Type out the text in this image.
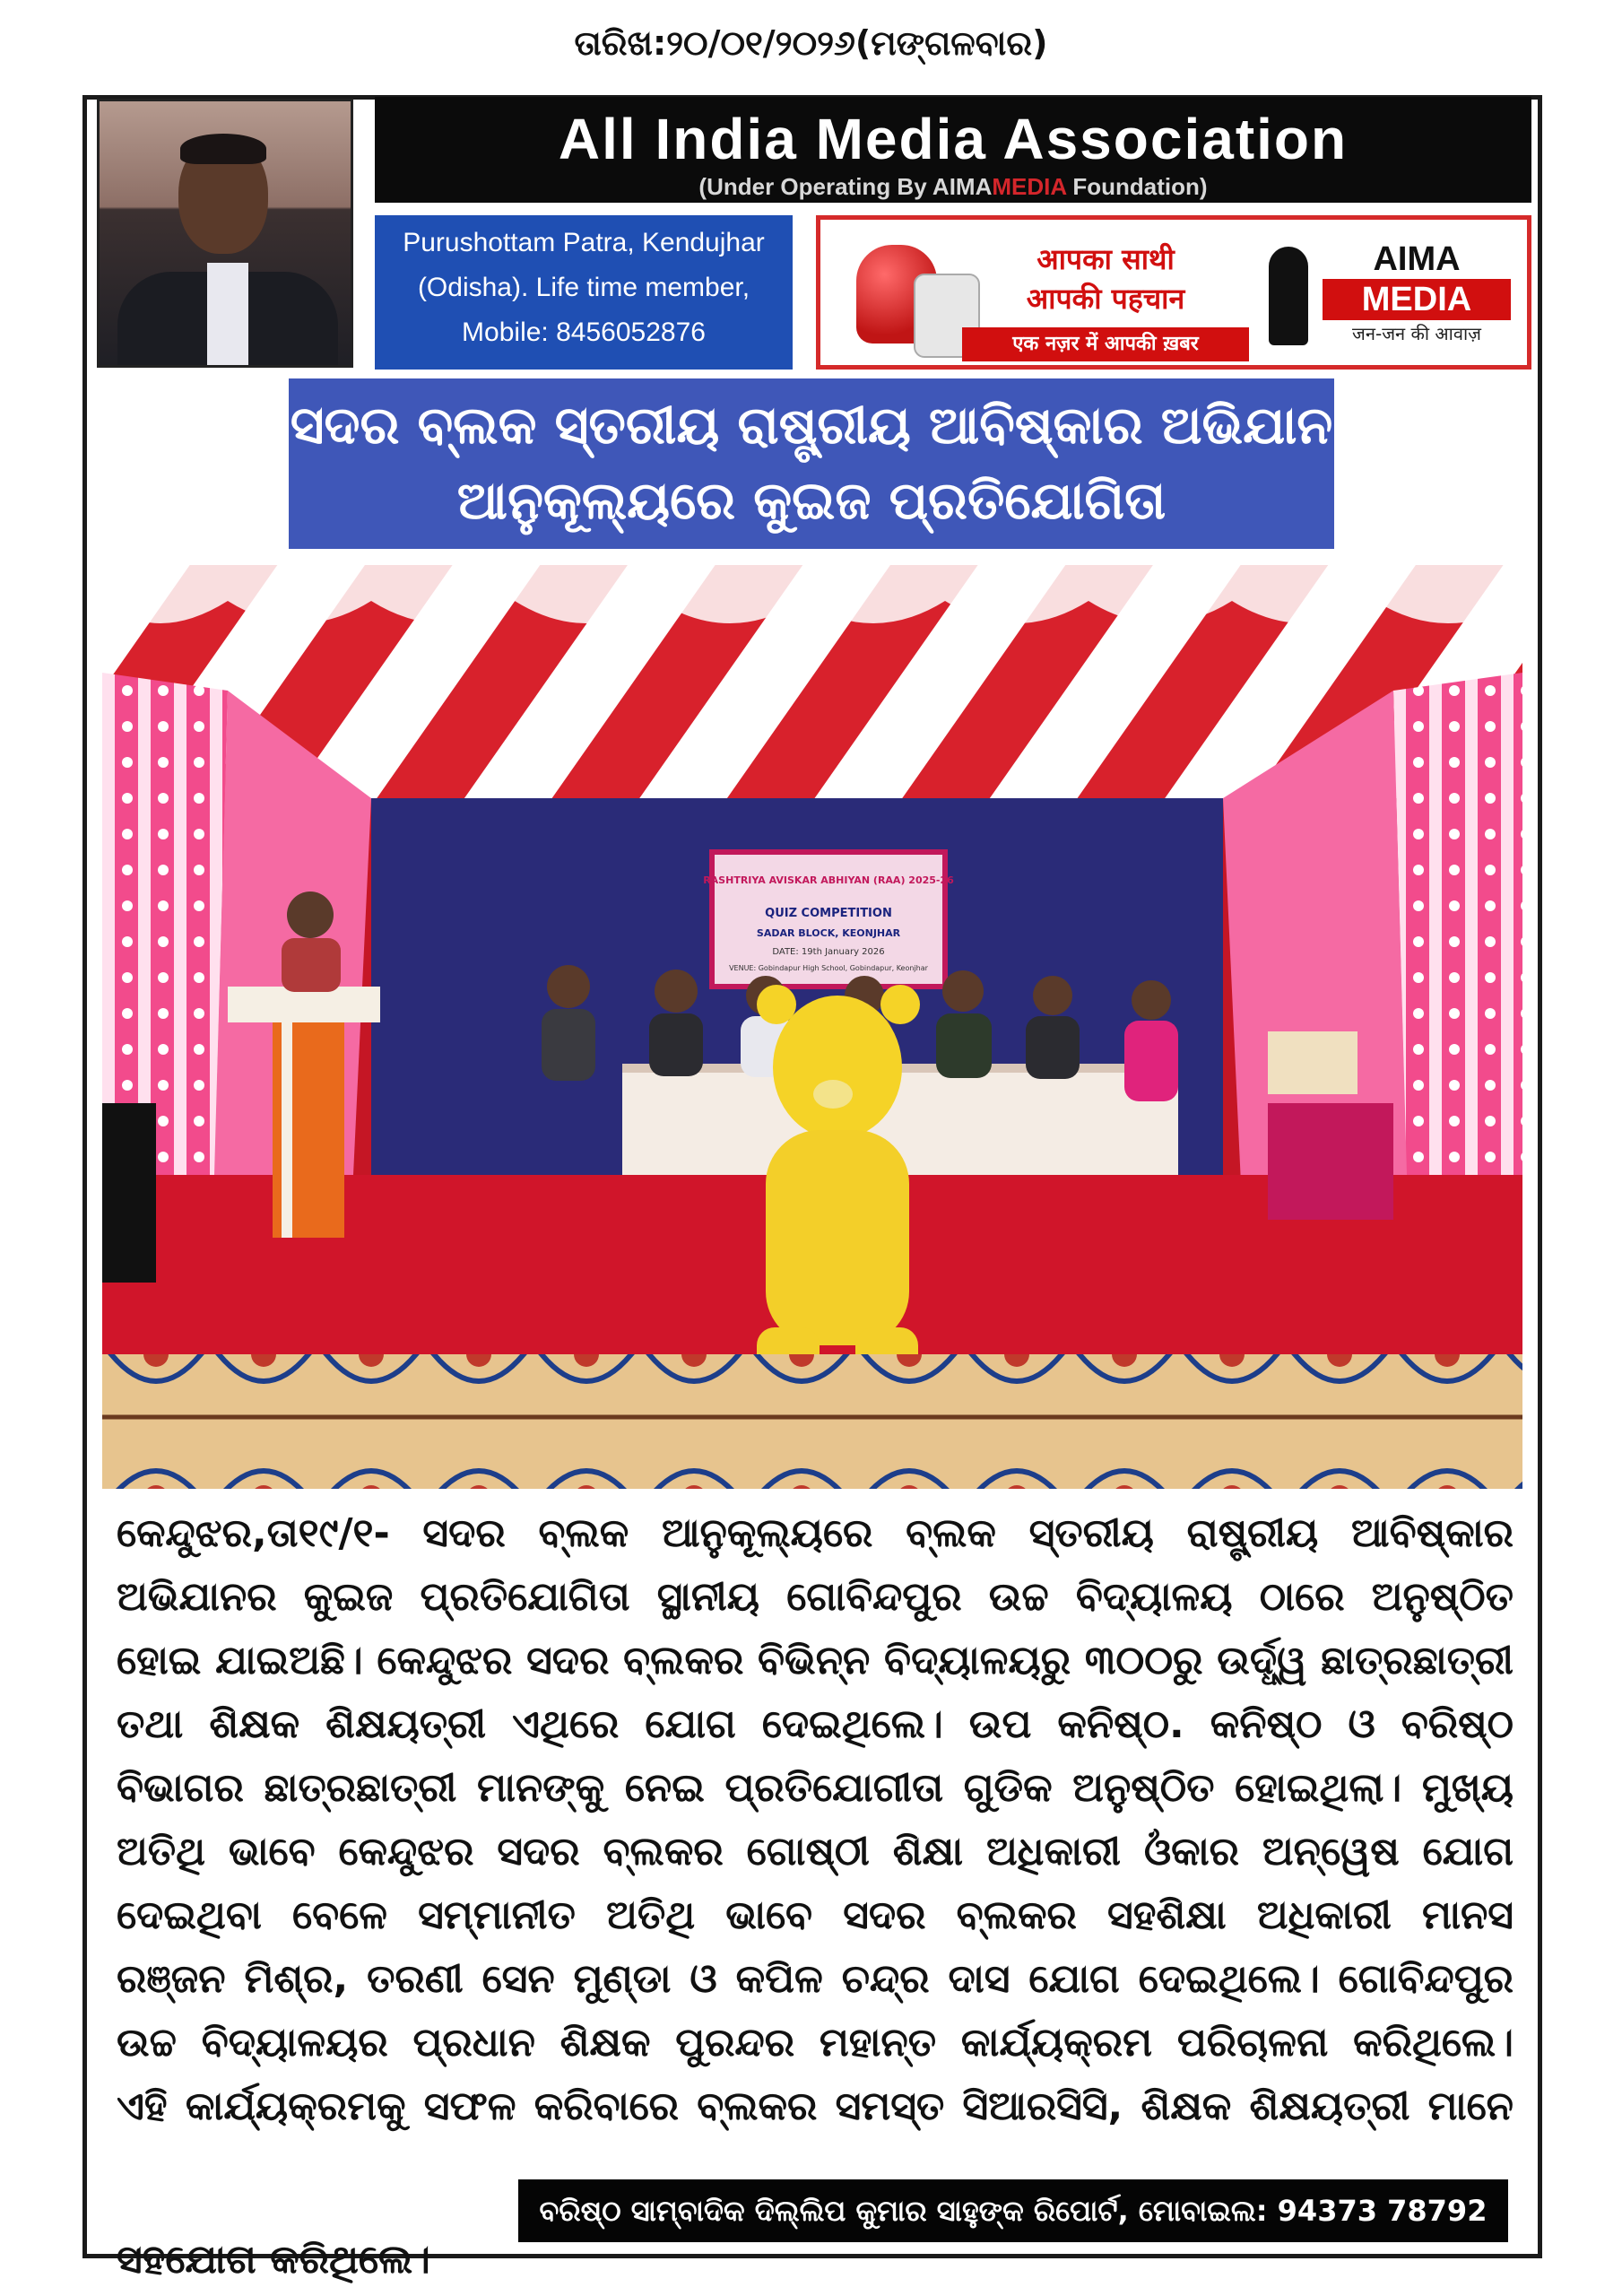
ତାରିଖ:୨୦/୦୧/୨୦୨୬(ମଙ୍ଗଳବାର)
All India Media Association
(Under Operating By AIMAMEDIA Foundation)
Purushottam Patra, Kendujhar
(Odisha). Life time member,
Mobile: 8456052876
आपका साथी
आपकी पहचान
एक नज़र में आपकी ख़बर
AIMA
MEDIA
जन-जन की आवाज़
ସଦର ବ୍ଲକ ସ୍ତରୀୟ ରାଷ୍ଟ୍ରୀୟ ଆବିଷ୍କାର ଅଭିଯାନ
ଆନୁକୂଲ୍ୟରେ କୁଇଜ ପ୍ରତିଯୋଗିତା
RASHTRIYA AVISKAR ABHIYAN (RAA) 2025-26
QUIZ COMPETITION
SADAR BLOCK, KEONJHAR
DATE: 19th January 2026
VENUE: Gobindapur High School, Gobindapur, Keonjhar
କେନ୍ଦୁଝର,ତା୧୯/୧- ସଦର ବ୍ଲକ ଆନୁକୂଲ୍ୟରେ ବ୍ଲକ ସ୍ତରୀୟ ରାଷ୍ଟ୍ରୀୟ ଆବିଷ୍କାର
ଅଭିଯାନର କୁଇଜ ପ୍ରତିଯୋଗିତା ସ୍ଥାନୀୟ ଗୋବିନ୍ଦପୁର ଉଚ୍ଚ ବିଦ୍ୟାଳୟ ଠାରେ ଅନୁଷ୍ଠିତ
ହୋଇ ଯାଇଅଛି। କେନ୍ଦୁଝର ସଦର ବ୍ଲକର ବିଭିନ୍ନ ବିଦ୍ୟାଳୟରୁ ୩୦୦ରୁ ଉର୍ଦ୍ଧ୍ୱ ଛାତ୍ରଛାତ୍ରୀ
ତଥା ଶିକ୍ଷକ ଶିକ୍ଷୟତ୍ରୀ ଏଥିରେ ଯୋଗ ଦେଇଥିଲେ। ଉପ କନିଷ୍ଠ. କନିଷ୍ଠ ଓ ବରିଷ୍ଠ
ବିଭାଗର ଛାତ୍ରଛାତ୍ରୀ ମାନଙ୍କୁ ନେଇ ପ୍ରତିଯୋଗୀତା ଗୁଡିକ ଅନୁଷ୍ଠିତ ହୋଇଥିଲା। ମୁଖ୍ୟ
ଅତିଥି ଭାବେ କେନ୍ଦୁଝର ସଦର ବ୍ଲକର ଗୋଷ୍ଠୀ ଶିକ୍ଷା ଅଧିକାରୀ ଓଁକାର ଅନ୍ୱେଷ ଯୋଗ
ଦେଇଥିବା ବେଳେ ସମ୍ମାନୀତ ଅତିଥି ଭାବେ ସଦର ବ୍ଲକର ସହଶିକ୍ଷା ଅଧିକାରୀ ମାନସ
ରଞ୍ଜନ ମିଶ୍ର, ତରଣୀ ସେନ ମୁଣ୍ଡା ଓ କପିଳ ଚନ୍ଦ୍ର ଦାସ ଯୋଗ ଦେଇଥିଲେ। ଗୋବିନ୍ଦପୁର
ଉଚ୍ଚ ବିଦ୍ୟାଳୟର ପ୍ରଧାନ ଶିକ୍ଷକ ପୁରନ୍ଦର ମହାନ୍ତ କାର୍ଯ୍ୟକ୍ରମ ପରିଚାଳନା କରିଥିଲେ।
ଏହି କାର୍ଯ୍ୟକ୍ରମକୁ ସଫଳ କରିବାରେ ବ୍ଲକର ସମସ୍ତ ସିଆରସିସି, ଶିକ୍ଷକ ଶିକ୍ଷୟତ୍ରୀ ମାନେ
ସହଯୋଗ କରିଥିଲେ।
ବରିଷ୍ଠ ସାମ୍ବାଦିକ ଦିଲ୍ଲିପ କୁମାର ସାହୁଙ୍କ ରିପୋର୍ଟ, ମୋବାଇଲ: 94373 78792
